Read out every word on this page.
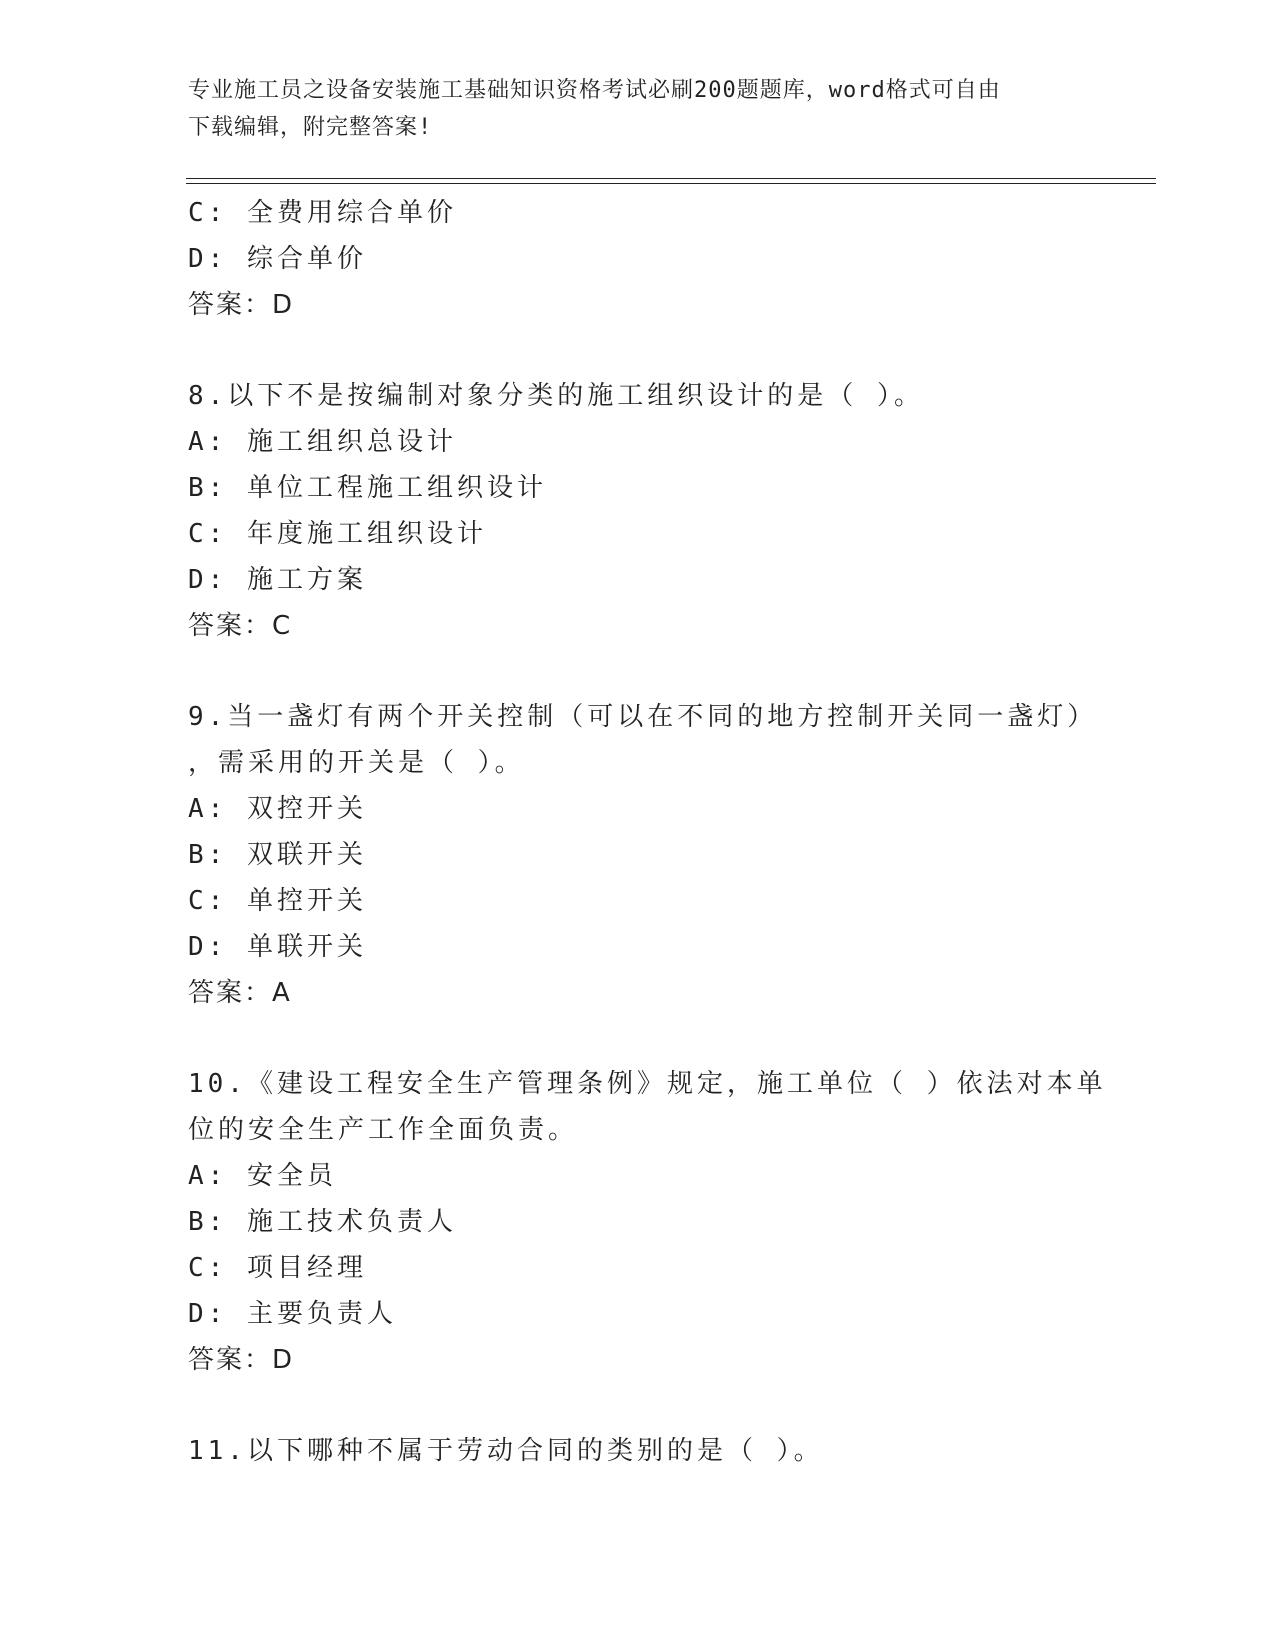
专业施工员之设备安装施工基础知识资格考试必刷200题题库，word格式可自由
下载编辑，附完整答案!
C: 全费用综合单价
D: 综合单价
答案：D
8.以下不是按编制对象分类的施工组织设计的是（ ）。
A: 施工组织总设计
B: 单位工程施工组织设计
C: 年度施工组织设计
D: 施工方案
答案：C
9.当一盏灯有两个开关控制（可以在不同的地方控制开关同一盏灯）
，需采用的开关是（ ）。
A: 双控开关
B: 双联开关
C: 单控开关
D: 单联开关
答案：A
10.《建设工程安全生产管理条例》规定，施工单位（ ）依法对本单
位的安全生产工作全面负责。
A: 安全员
B: 施工技术负责人
C: 项目经理
D: 主要负责人
答案：D
11.以下哪种不属于劳动合同的类别的是（ ）。
